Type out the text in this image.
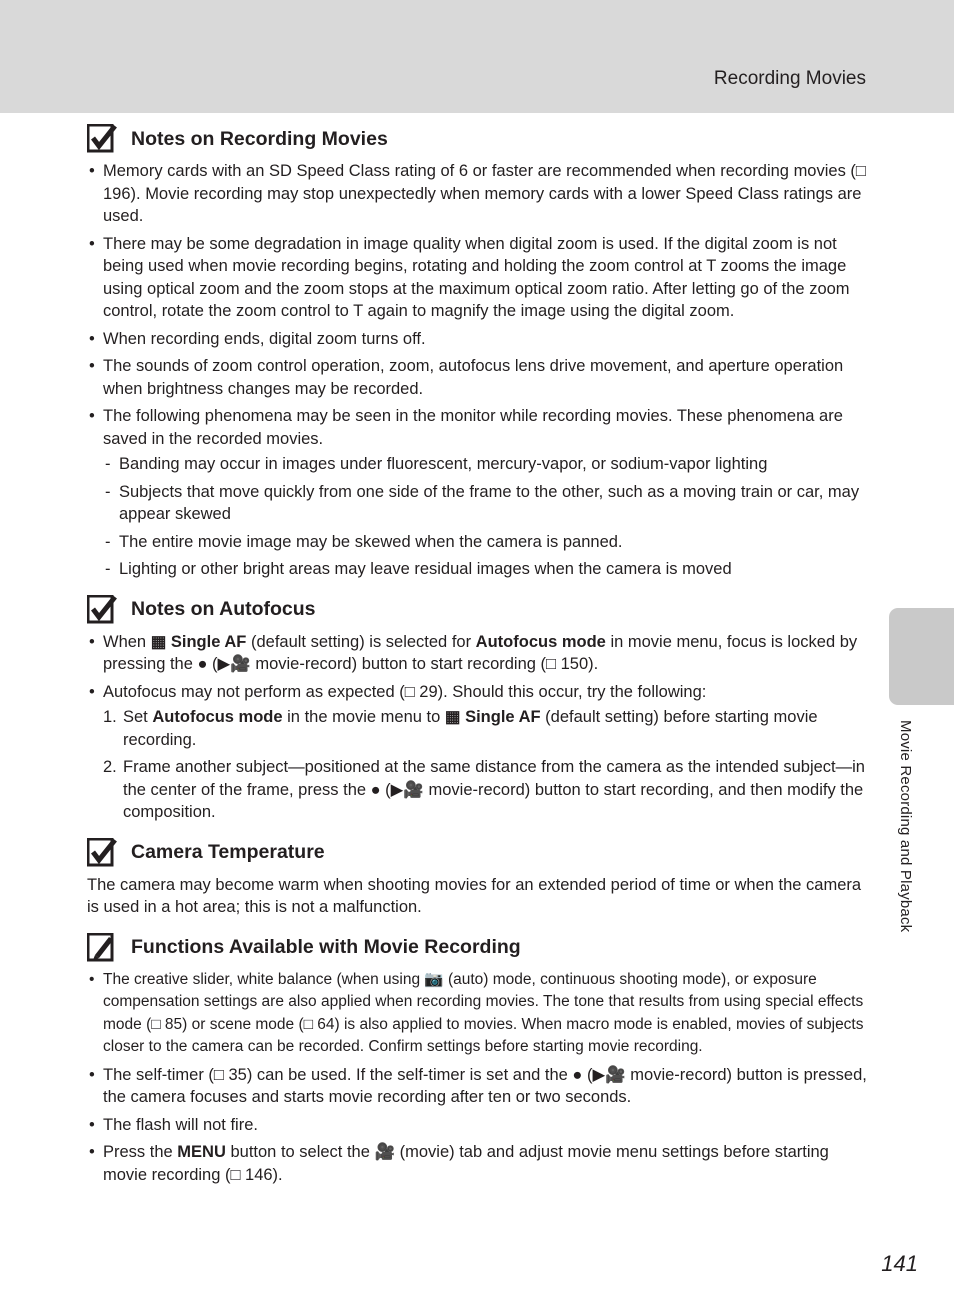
Recording Movies
Movie Recording and Playback
Notes on Recording Movies
• Memory cards with an SD Speed Class rating of 6 or faster are recommended when recording movies (□ 196). Movie recording may stop unexpectedly when memory cards with a lower Speed Class ratings are used.
• There may be some degradation in image quality when digital zoom is used. If the digital zoom is not being used when movie recording begins, rotating and holding the zoom control at T zooms the image using optical zoom and the zoom stops at the maximum optical zoom ratio. After letting go of the zoom control, rotate the zoom control to T again to magnify the image using the digital zoom.
• When recording ends, digital zoom turns off.
• The sounds of zoom control operation, zoom, autofocus lens drive movement, and aperture operation when brightness changes may be recorded.
• The following phenomena may be seen in the monitor while recording movies. These phenomena are saved in the recorded movies.
- Banding may occur in images under fluorescent, mercury-vapor, or sodium-vapor lighting
- Subjects that move quickly from one side of the frame to the other, such as a moving train or car, may appear skewed
- The entire movie image may be skewed when the camera is panned.
- Lighting or other bright areas may leave residual images when the camera is moved
Notes on Autofocus
• When ▦ Single AF (default setting) is selected for Autofocus mode in movie menu, focus is locked by pressing the ● (▶🎥 movie-record) button to start recording (□ 150).
• Autofocus may not perform as expected (□ 29). Should this occur, try the following:
1. Set Autofocus mode in the movie menu to ▦ Single AF (default setting) before starting movie recording.
2. Frame another subject—positioned at the same distance from the camera as the intended subject—in the center of the frame, press the ● (▶🎥 movie-record) button to start recording, and then modify the composition.
Camera Temperature

The camera may become warm when shooting movies for an extended period of time or when the camera is used in a hot area; this is not a malfunction.

Functions Available with Movie Recording
• The creative slider, white balance (when using 📷 (auto) mode, continuous shooting mode), or exposure compensation settings are also applied when recording movies. The tone that results from using special effects mode (□ 85) or scene mode (□ 64) is also applied to movies. When macro mode is enabled, movies of subjects closer to the camera can be recorded. Confirm settings before starting movie recording.
• The self-timer (□ 35) can be used. If the self-timer is set and the ● (▶🎥 movie-record) button is pressed, the camera focuses and starts movie recording after ten or two seconds.
• The flash will not fire.
• Press the MENU button to select the 🎥 (movie) tab and adjust movie menu settings before starting movie recording (□ 146).
141
